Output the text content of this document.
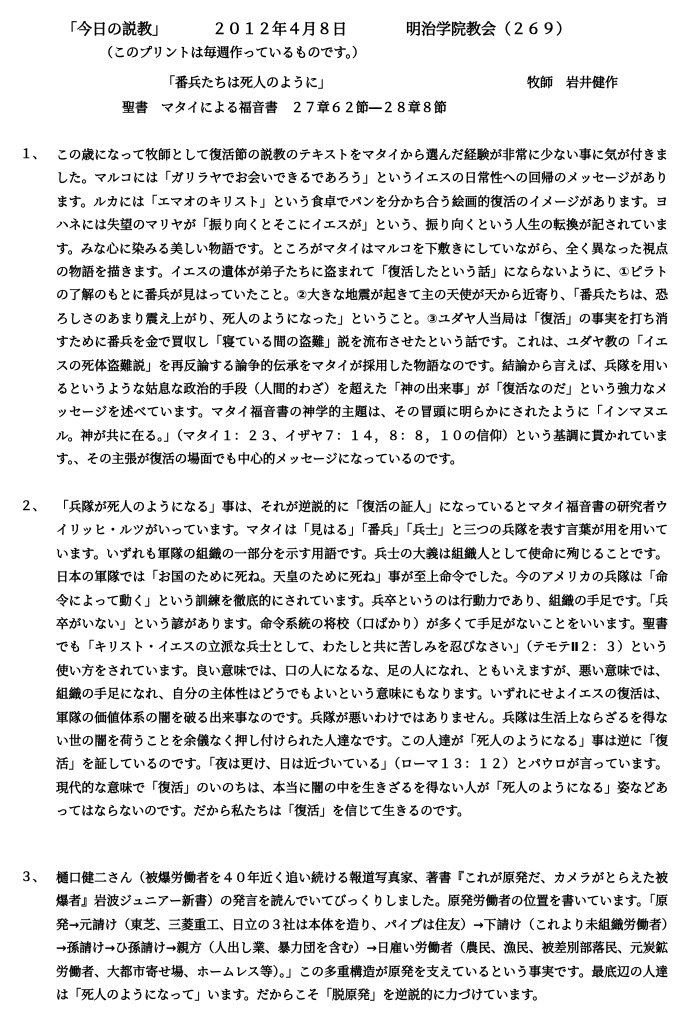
「今日の説教」	２０１２年４月８日	明治学院教会（２６９）
（このプリントは毎週作っているものです。）
「番兵たちは死人のように」	牧師　岩井健作
聖書　マタイによる福音書　２７章６２節―２８章８節
１、 この歳になって牧師として復活節の説教のテキストをマタイから選んだ経験が非常に少ない事に気が付きました。マルコには「ガリラヤでお会いできるであろう」というイエスの日常性への回帰のメッセージがあります。ルカには「エマオのキリスト」という食卓でパンを分かち合う絵画的復活のイメージがあります。ヨハネには失望のマリヤが「振り向くとそこにイエスが」という、振り向くという人生の転換が記されています。みな心に染みる美しい物語です。ところがマタイはマルコを下敷きにしていながら、全く異なった視点の物語を描きます。イエスの遺体が弟子たちに盗まれて「復活したという話」にならないように、①ピラトの了解のもとに番兵が見はっていたこと。②大きな地震が起きて主の天使が天から近寄り、「番兵たちは、恐ろしさのあまり震え上がり、死人のようになった」ということ。③ユダヤ人当局は「復活」の事実を打ち消すために番兵を金で買収し「寝ている間の盗難」説を流布させたという話です。これは、ユダヤ教の「イエスの死体盗難説」を再反論する論争的伝承をマタイが採用した物語なのです。結論から言えば、兵隊を用いるというような姑息な政治的手段（人間的わざ）を超えた「神の出来事」が「復活なのだ」という強力なメッセージを述べています。マタイ福音書の神学的主題は、その冒頭に明らかにされたように「インマヌエル。神が共に在る。」（マタイ１：２３、イザヤ７：１４，８：８，１０の信仰）という基調に貫かれています。、その主張が復活の場面でも中心的メッセージになっているのです。
２、 「兵隊が死人のようになる」事は、それが逆説的に「復活の証人」になっているとマタイ福音書の研究者ウイリッヒ・ルツがいっています。マタイは「見はる」「番兵」「兵士」と三つの兵隊を表す言葉が用を用いています。いずれも軍隊の組織の一部分を示す用語です。兵士の大義は組織人として使命に殉じることです。日本の軍隊では「お国のために死ね。天皇のために死ね」事が至上命令でした。今のアメリカの兵隊は「命令によって動く」という訓練を徹底的にされています。兵卒というのは行動力であり、組織の手足です。「兵卒がいない」という諺があります。命令系統の将校（口ばかり）が多くて手足がないことをいいます。聖書でも「キリスト・イエスの立派な兵士として、わたしと共に苦しみを忍びなさい」（テモテⅡ２：３）という使い方をされています。良い意味では、口の人になるな、足の人になれ、ともいえますが、悪い意味では、組織の手足になれ、自分の主体性はどうでもよいという意味にもなります。いずれにせよイエスの復活は、軍隊の価値体系の闇を破る出来事なのです。兵隊が悪いわけではありません。兵隊は生活上ならざるを得ない世の闇を荷うことを余儀なく押し付けられた人達なです。この人達が「死人のようになる」事は逆に「復活」を証しているのです。「夜は更け、日は近づいている」（ローマ１３：１２）とパウロが言っています。現代的な意味で「復活」のいのちは、本当に闇の中を生きざるを得ない人が「死人のようになる」姿などあってはならないのです。だから私たちは「復活」を信じて生きるのです。
３、 樋口健二さん（被爆労働者を４０年近く追い続ける報道写真家、著書『これが原発だ、カメラがとらえた被爆者』岩波ジュニアー新書）の発言を読んでいてびっくりしました。原発労働者の位置を書いています。「原発→元請け（東芝、三菱重工、日立の３社は本体を造り、パイプは住友）→下請け（これより未組織労働者）→孫請け→ひ孫請け→親方（人出し業、暴力団を含む）→日雇い労働者（農民、漁民、被差別部落民、元炭鉱労働者、大都市寄せ場、ホームレス等）。」この多重構造が原発を支えているという事実です。最底辺の人達は「死人のようになって」います。だからこそ「脱原発」を逆説的に力づけています。
